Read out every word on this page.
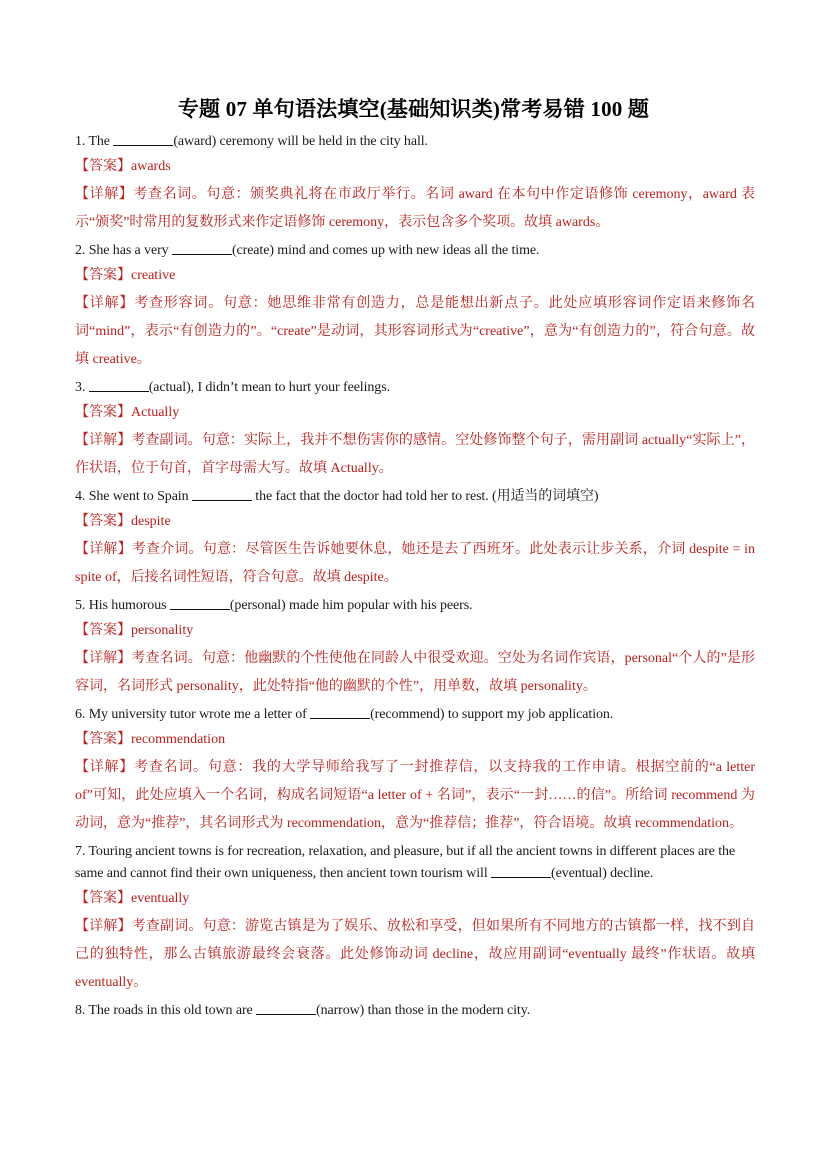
专题 07 单句语法填空(基础知识类)常考易错 100 题

1. The	(award) ceremony will be held in the city hall.

【答案】awards

【详解】考查名词。句意：颁奖典礼将在市政厅举行。名词 award 在本句中作定语修饰 ceremony，award 表示“颁奖”时常用的复数形式来作定语修饰 ceremony，表示包含多个奖项。故填 awards。

2. She has a very	(create) mind and comes up with new ideas all the time.

【答案】creative

【详解】考查形容词。句意：她思维非常有创造力，总是能想出新点子。此处应填形容词作定语来修饰名词“mind”，表示“有创造力的”。“create”是动词，其形容词形式为“creative”，意为“有创造力的”，符合句意。故填 creative。

3.	(actual), I didn’t mean to hurt your feelings.

【答案】Actually

【详解】考查副词。句意：实际上，我并不想伤害你的感情。空处修饰整个句子，需用副词 actually“实际上”，作状语，位于句首，首字母需大写。故填 Actually。

4. She went to Spain	the fact that the doctor had told her to rest. (用适当的词填空)

【答案】despite

【详解】考查介词。句意：尽管医生告诉她要休息，她还是去了西班牙。此处表示让步关系，介词 despite = in spite of，后接名词性短语，符合句意。故填 despite。

5. His humorous	(personal) made him popular with his peers.

【答案】personality

【详解】考查名词。句意：他幽默的个性使他在同龄人中很受欢迎。空处为名词作宾语，personal“个人的”是形容词，名词形式 personality，此处特指“他的幽默的个性”，用单数，故填 personality。

6. My university tutor wrote me a letter of	(recommend) to support my job application.

【答案】recommendation

【详解】考查名词。句意：我的大学导师给我写了一封推荐信，以支持我的工作申请。根据空前的“a letter of”可知，此处应填入一个名词，构成名词短语“a letter of + 名词”，表示“一封……的信”。所给词 recommend 为动词，意为“推荐”，其名词形式为 recommendation，意为“推荐信；推荐”，符合语境。故填 recommendation。

7. Touring ancient towns is for recreation, relaxation, and pleasure, but if all the ancient towns in different places are the same and cannot find their own uniqueness, then ancient town tourism will	(eventual) decline.

【答案】eventually

【详解】考查副词。句意：游览古镇是为了娱乐、放松和享受，但如果所有不同地方的古镇都一样，找不到自己的独特性，那么古镇旅游最终会衰落。此处修饰动词 decline，故应用副词“eventually 最终”作状语。故填 eventually。

8. The roads in this old town are	(narrow) than those in the modern city.
